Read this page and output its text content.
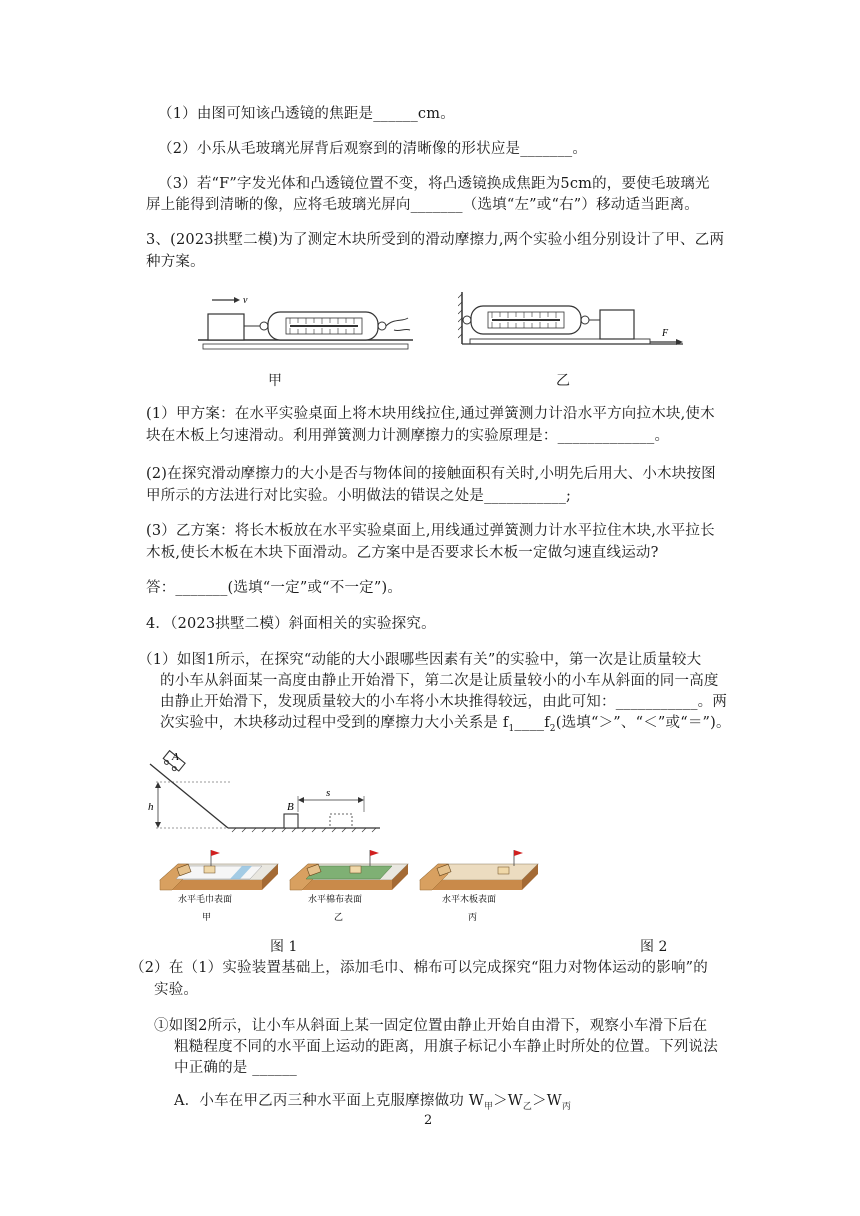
（1）由图可知该凸透镜的焦距是______cm。
（2）小乐从毛玻璃光屏背后观察到的清晰像的形状应是_______。
（3）若“F”字发光体和凸透镜位置不变，将凸透镜换成焦距为5cm的，要使毛玻璃光
屏上能得到清晰的像，应将毛玻璃光屏向_______（选填“左”或“右”）移动适当距离。
3、(2023拱墅二模)为了测定木块所受到的滑动摩擦力,两个实验小组分别设计了甲、乙两
种方案。
v
甲
F
乙
(1）甲方案：在水平实验桌面上将木块用线拉住,通过弹簧测力计沿水平方向拉木块,使木
块在木板上匀速滑动。利用弹簧测力计测摩擦力的实验原理是：_____________。
(2)在探究滑动摩擦力的大小是否与物体间的接触面积有关时,小明先后用大、小木块按图
甲所示的方法进行对比实验。小明做法的错误之处是___________;
(3）乙方案：将长木板放在水平实验桌面上,用线通过弹簧测力计水平拉住木块,水平拉长
木板,使长木板在木块下面滑动。乙方案中是否要求长木板一定做匀速直线运动?
答：_______(选填“一定”或“不一定”)。
4．（2023拱墅二模）斜面相关的实验探究。
（1）如图1所示，在探究“动能的大小跟哪些因素有关”的实验中，第一次是让质量较大
的小车从斜面某一高度由静止开始滑下，第二次是让质量较小的小车从斜面的同一高度
由静止开始滑下，发现质量较大的小车将小木块推得较远，由此可知：___________。两
次实验中，木块移动过程中受到的摩擦力大小关系是 $f_1\_\_\_\_f_2$(选填“＞”、“＜”或“＝”)。
A
h	B
s
水平毛巾表面	水平棉布表面	水平木板表面
甲	乙	丙
图 1	图 2
（2）在（1）实验装置基础上，添加毛巾、棉布可以完成探究“阻力对物体运动的影响”的
实验。
①如图2所示，让小车从斜面上某一固定位置由静止开始自由滑下，观察小车滑下后在
粗糙程度不同的水平面上运动的距离，用旗子标记小车静止时所处的位置。下列说法
中正确的是 ______
A．小车在甲乙丙三种水平面上克服摩擦做功 $W_甲>W_乙>W_丙$
2
